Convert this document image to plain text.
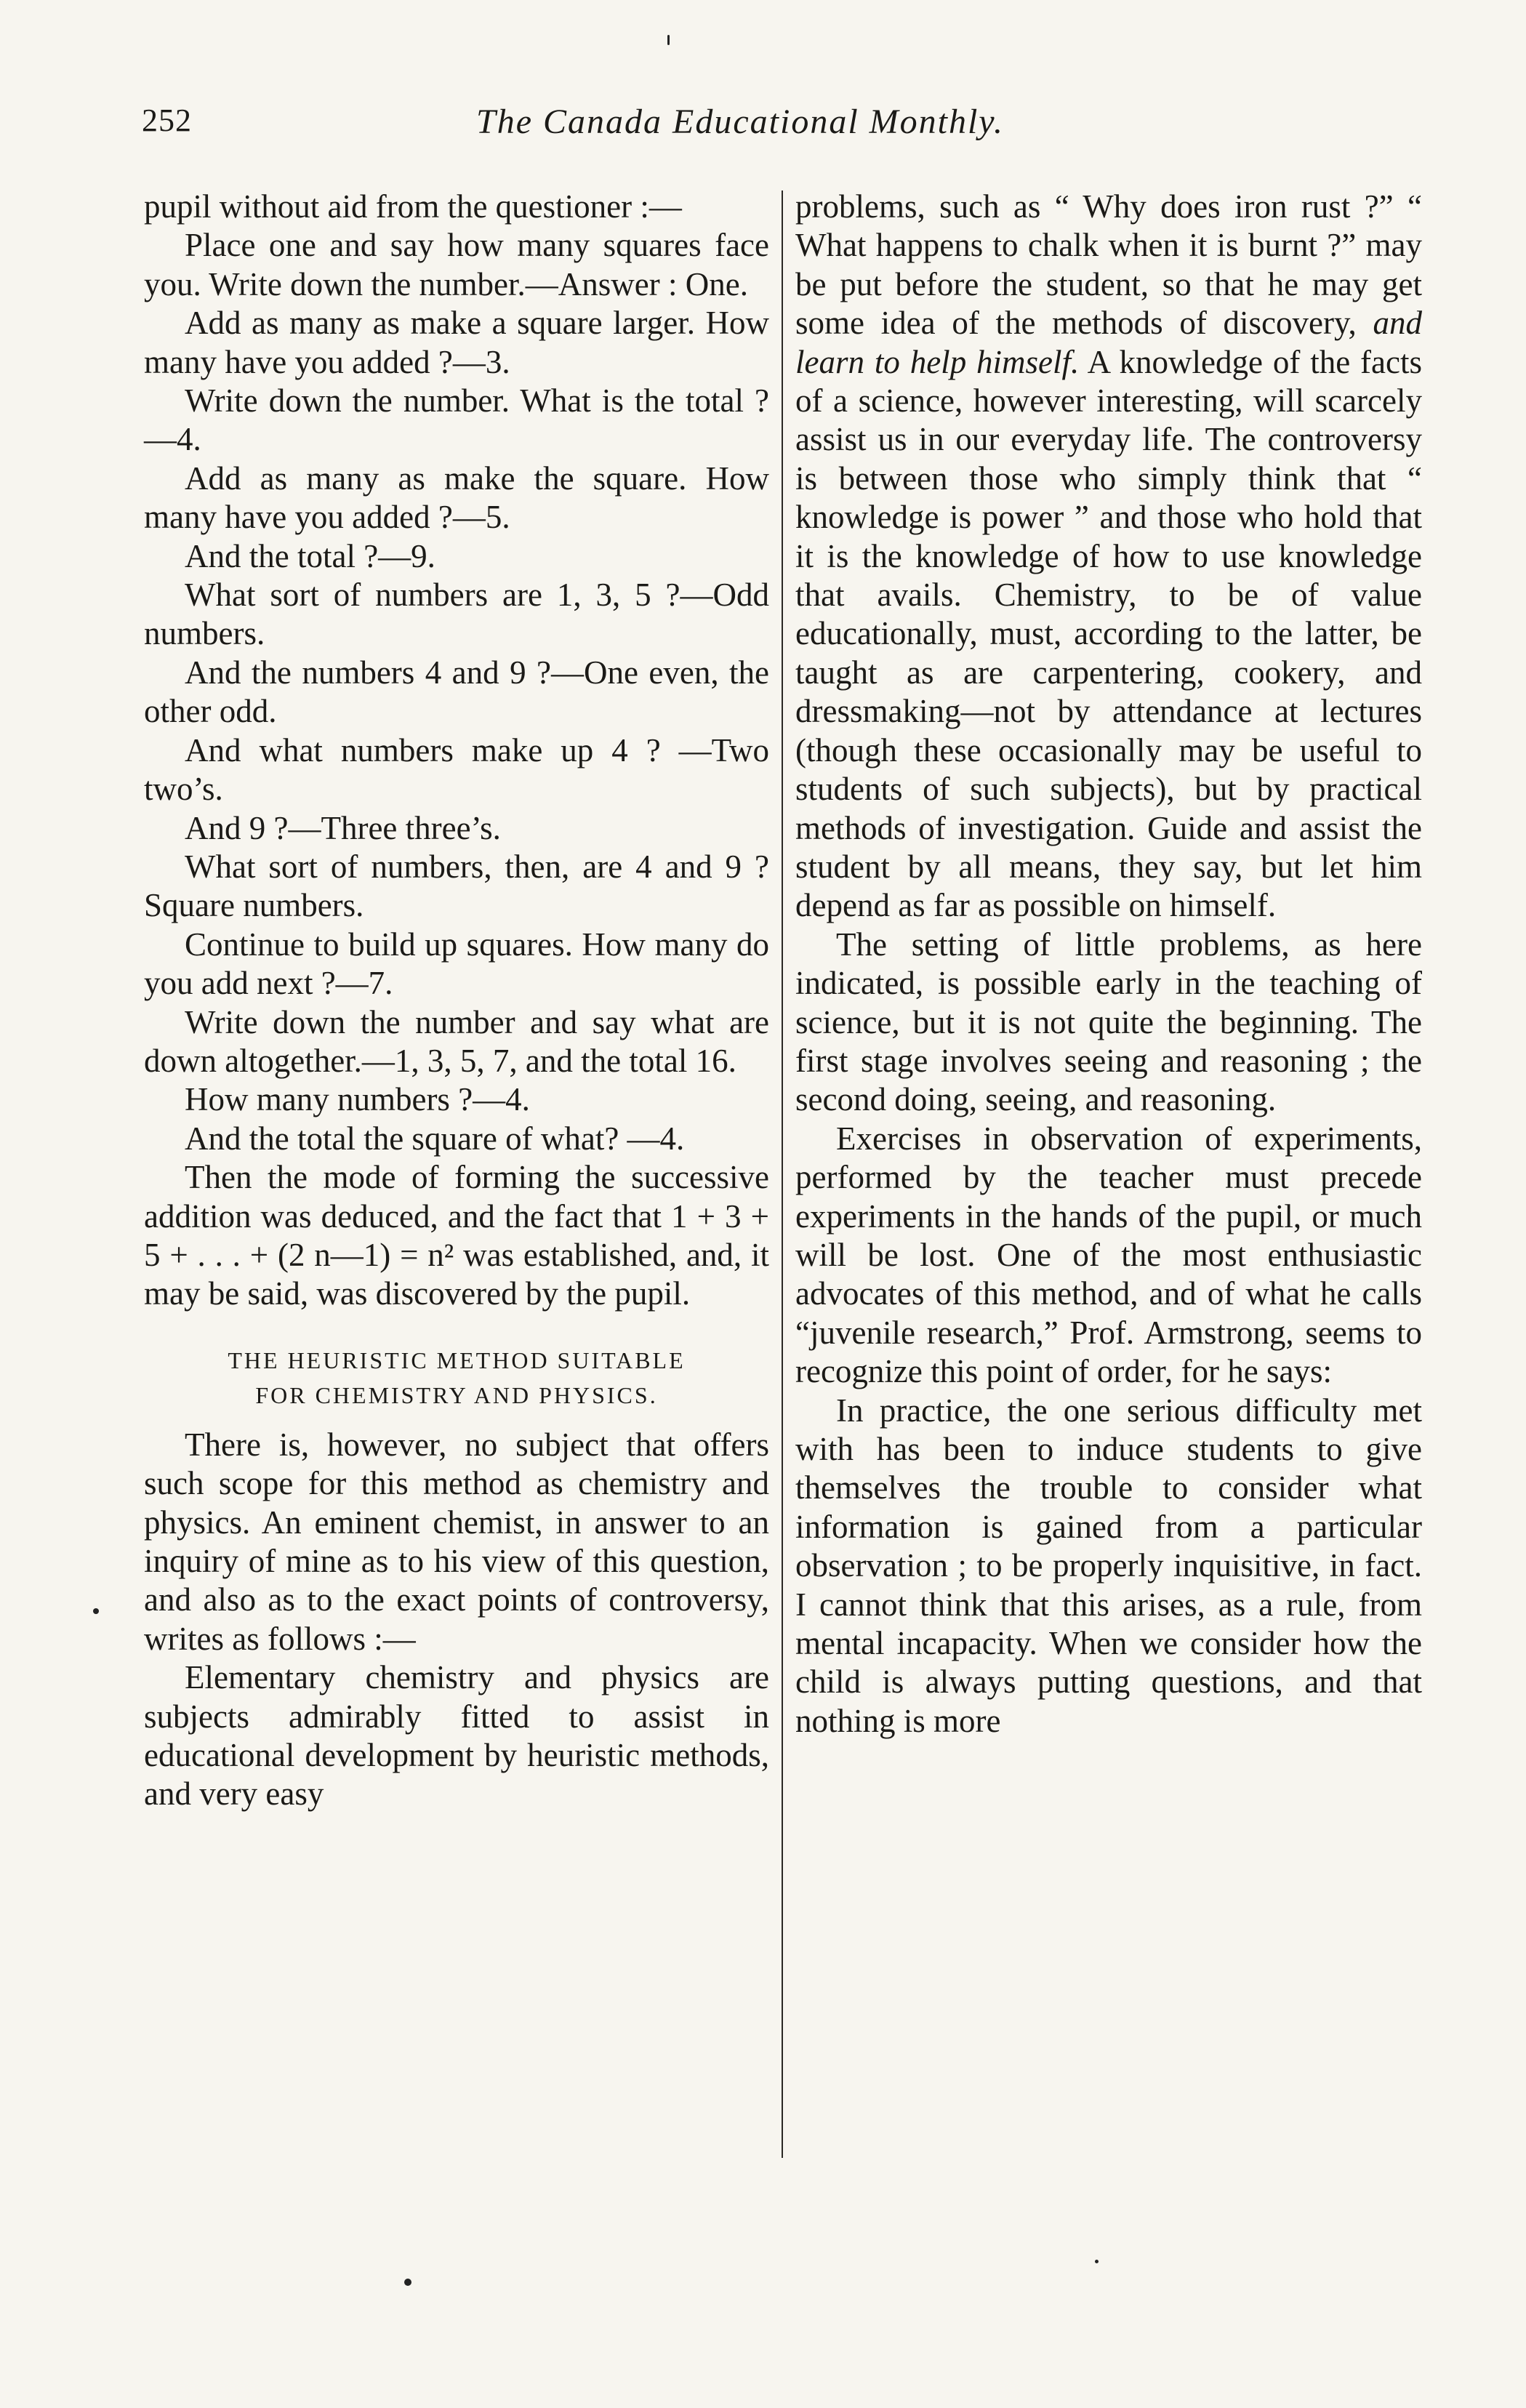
252	The Canada Educational Monthly.

pupil without aid from the questioner :—

Place one and say how many squares face you. Write down the number.—Answer : One.

Add as many as make a square larger. How many have you added ?—3.

Write down the number. What is the total ?—4.

Add as many as make the square. How many have you added ?—5.

And the total ?—9.

What sort of numbers are 1, 3, 5 ?—Odd numbers.

And the numbers 4 and 9 ?—One even, the other odd.

And what numbers make up 4 ? —Two two’s.

And 9 ?—Three three’s.

What sort of numbers, then, are 4 and 9 ? Square numbers.

Continue to build up squares. How many do you add next ?—7.

Write down the number and say what are down altogether.—1, 3, 5, 7, and the total 16.

How many numbers ?—4.

And the total the square of what? —4.

Then the mode of forming the successive addition was deduced, and the fact that 1 + 3 + 5 + . . . + (2 n—1) = n² was established, and, it may be said, was discovered by the pupil.

THE HEURISTIC METHOD SUITABLE
FOR CHEMISTRY AND PHYSICS.

There is, however, no subject that offers such scope for this method as chemistry and physics. An eminent chemist, in answer to an inquiry of mine as to his view of this question, and also as to the exact points of controversy, writes as follows :—

Elementary chemistry and physics are subjects admirably fitted to assist in educational development by heuristic methods, and very easy

problems, such as “ Why does iron rust ?” “ What happens to chalk when it is burnt ?” may be put before the student, so that he may get some idea of the methods of discovery, and learn to help himself. A knowledge of the facts of a science, however interesting, will scarcely assist us in our everyday life. The controversy is between those who simply think that “ knowledge is power ” and those who hold that it is the knowledge of how to use knowledge that avails. Chemistry, to be of value educationally, must, according to the latter, be taught as are carpentering, cookery, and dressmaking—not by attendance at lectures (though these occasionally may be useful to students of such subjects), but by practical methods of investigation. Guide and assist the student by all means, they say, but let him depend as far as possible on himself.

The setting of little problems, as here indicated, is possible early in the teaching of science, but it is not quite the beginning. The first stage involves seeing and reasoning ; the second doing, seeing, and reasoning.

Exercises in observation of experiments, performed by the teacher must precede experiments in the hands of the pupil, or much will be lost. One of the most enthusiastic advocates of this method, and of what he calls “juvenile research,” Prof. Armstrong, seems to recognize this point of order, for he says:

In practice, the one serious difficulty met with has been to induce students to give themselves the trouble to consider what information is gained from a particular observation ; to be properly inquisitive, in fact. I cannot think that this arises, as a rule, from mental incapacity. When we consider how the child is always putting questions, and that nothing is more
